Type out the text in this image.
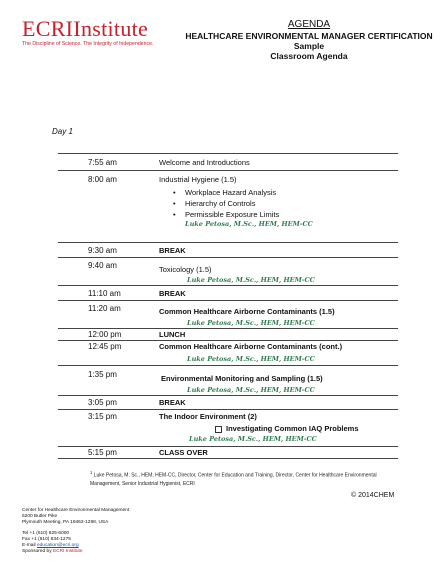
ECRIInstitute
The Discipline of Science. The Integrity of Independence.
AGENDA
HEALTHCARE ENVIRONMENTAL MANAGER CERTIFICATION Sample
Classroom Agenda
Day 1
7:55 am	Welcome and Introductions
8:00 am	Industrial Hygiene (1.5)
• Workplace Hazard Analysis
• Hierarchy of Controls
• Permissible Exposure Limits
Luke Petosa, M.Sc., HEM, HEM-CC
9:30 am	BREAK
9:40 am	Toxicology (1.5)
Luke Petosa, M.Sc., HEM, HEM-CC
11:10 am	BREAK
11:20 am	Common Healthcare Airborne Contaminants (1.5)
Luke Petosa, M.Sc., HEM, HEM-CC
12:00 pm	LUNCH
12:45 pm	Common Healthcare Airborne Contaminants (cont.)
Luke Petosa, M.Sc., HEM, HEM-CC
1:35 pm	Environmental Monitoring and Sampling (1.5)
Luke Petosa, M.Sc., HEM, HEM-CC
3:05 pm	BREAK
3:15 pm	The Indoor Environment (2)
Investigating Common IAQ Problems
Luke Petosa, M.Sc., HEM, HEM-CC
5:15 pm	CLASS OVER
$^1$ Luke Petosa, M. Sc., HEM, HEM-CC, Director, Center for Education and Training, Director, Center for Healthcare Environmental
Management, Senior Industrial Hygienist, ECRI
© 2014CHEM
Center for Healthcare Environmental Management
5200 Butler Pike
Plymouth Meeting, PA 19462-1298, USA
Tel +1 (610) 825-6000
Fax +1 (610) 834-1275
E-mail education@ecri.org
Sponsored by ECRI Institute
